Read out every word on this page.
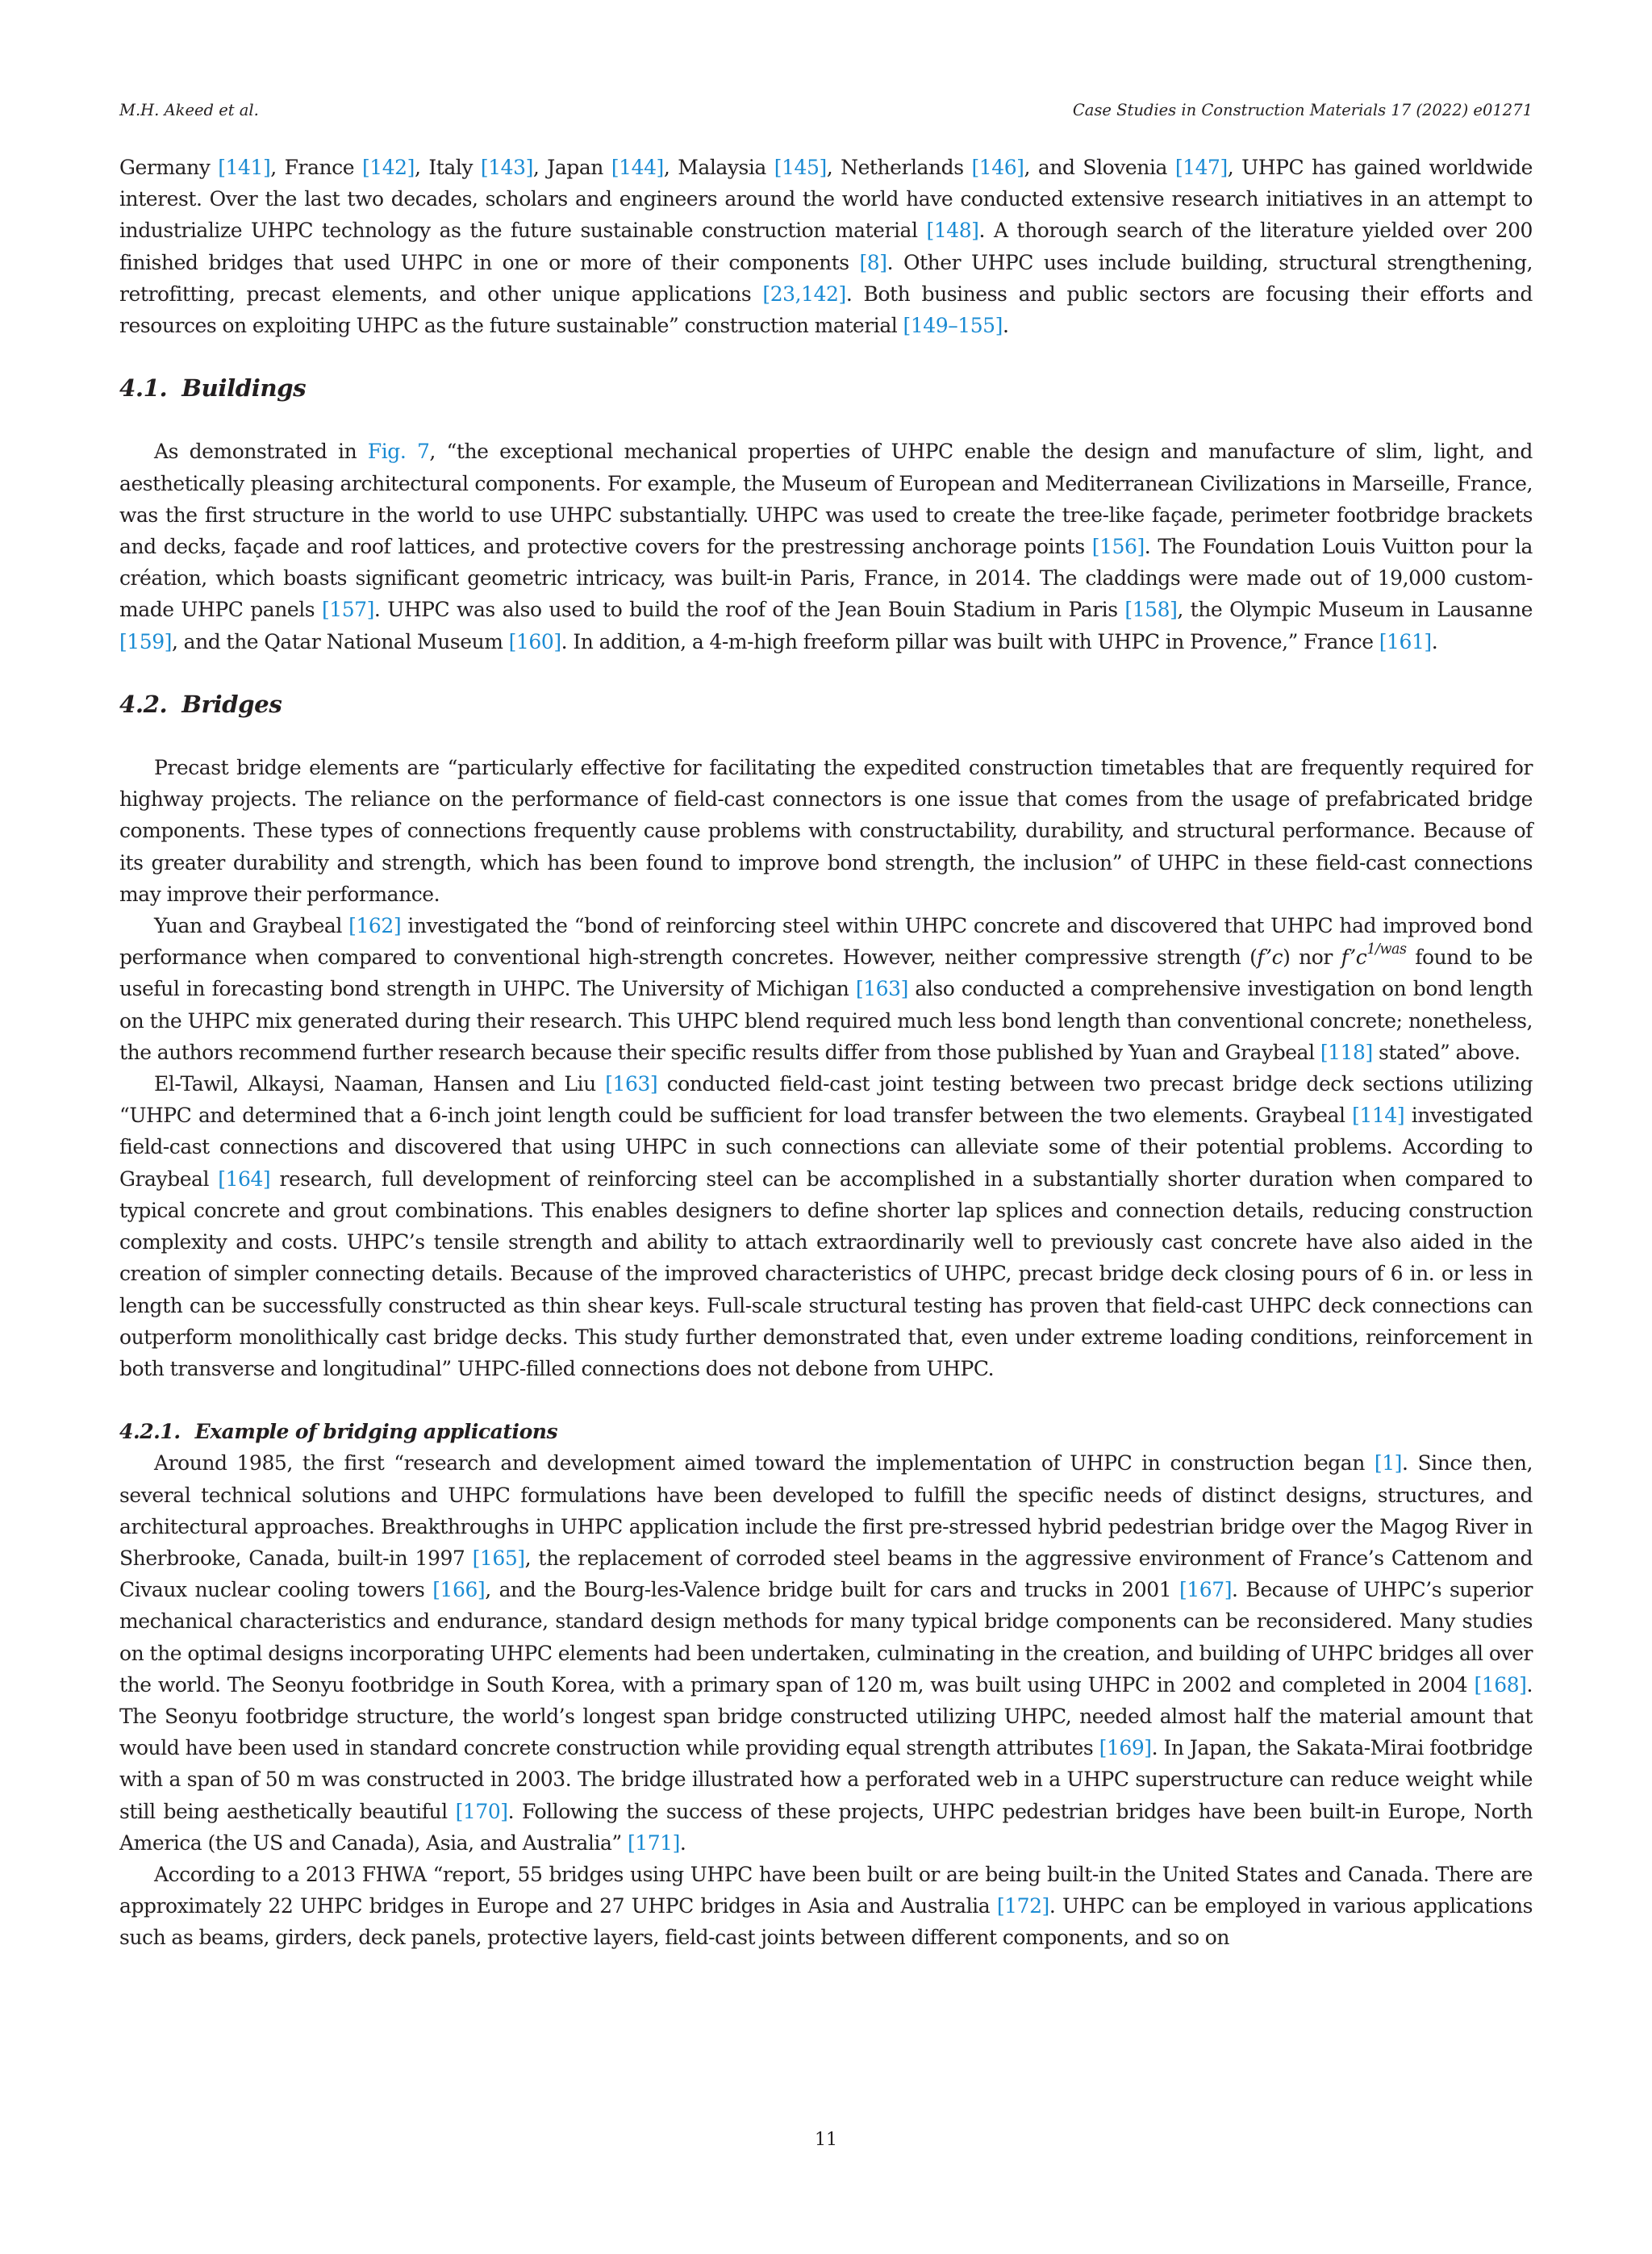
M.H. Akeed et al.	Case Studies in Construction Materials 17 (2022) e01271

Germany [141], France [142], Italy [143], Japan [144], Malaysia [145], Netherlands [146], and Slovenia [147], UHPC has gained worldwide interest. Over the last two decades, scholars and engineers around the world have conducted extensive research initiatives in an attempt to industrialize UHPC technology as the future sustainable construction material [148]. A thorough search of the literature yielded over 200 finished bridges that used UHPC in one or more of their components [8]. Other UHPC uses include building, structural strengthening, retrofitting, precast elements, and other unique applications [23,142]. Both business and public sectors are focusing their efforts and resources on exploiting UHPC as the future sustainable” construction material [149–155].

4.1. Buildings

As demonstrated in Fig. 7, “the exceptional mechanical properties of UHPC enable the design and manufacture of slim, light, and aesthetically pleasing architectural components. For example, the Museum of European and Mediterranean Civilizations in Marseille, France, was the first structure in the world to use UHPC substantially. UHPC was used to create the tree-like façade, perimeter footbridge brackets and decks, façade and roof lattices, and protective covers for the prestressing anchorage points [156]. The Foundation Louis Vuitton pour la création, which boasts significant geometric intricacy, was built-in Paris, France, in 2014. The claddings were made out of 19,000 custom-made UHPC panels [157]. UHPC was also used to build the roof of the Jean Bouin Stadium in Paris [158], the Olympic Museum in Lausanne [159], and the Qatar National Museum [160]. In addition, a 4-m-high freeform pillar was built with UHPC in Provence,” France [161].

4.2. Bridges

Precast bridge elements are “particularly effective for facilitating the expedited construction timetables that are frequently required for highway projects. The reliance on the performance of field-cast connectors is one issue that comes from the usage of prefabricated bridge components. These types of connections frequently cause problems with constructability, durability, and structural performance. Because of its greater durability and strength, which has been found to improve bond strength, the inclusion” of UHPC in these field-cast connections may improve their performance.

Yuan and Graybeal [162] investigated the “bond of reinforcing steel within UHPC concrete and discovered that UHPC had improved bond performance when compared to conventional high-strength concretes. However, neither compressive strength (f’c) nor $f’c^{1/was}$ found to be useful in forecasting bond strength in UHPC. The University of Michigan [163] also conducted a comprehensive investigation on bond length on the UHPC mix generated during their research. This UHPC blend required much less bond length than conventional concrete; nonetheless, the authors recommend further research because their specific results differ from those published by Yuan and Graybeal [118] stated” above.

El-Tawil, Alkaysi, Naaman, Hansen and Liu [163] conducted field-cast joint testing between two precast bridge deck sections utilizing “UHPC and determined that a 6-inch joint length could be sufficient for load transfer between the two elements. Graybeal [114] investigated field-cast connections and discovered that using UHPC in such connections can alleviate some of their potential problems. According to Graybeal [164] research, full development of reinforcing steel can be accomplished in a substantially shorter duration when compared to typical concrete and grout combinations. This enables designers to define shorter lap splices and connection details, reducing construction complexity and costs. UHPC’s tensile strength and ability to attach extraordinarily well to previously cast concrete have also aided in the creation of simpler connecting details. Because of the improved characteristics of UHPC, precast bridge deck closing pours of 6 in. or less in length can be successfully constructed as thin shear keys. Full-scale structural testing has proven that field-cast UHPC deck connections can outperform monolithically cast bridge decks. This study further demonstrated that, even under extreme loading conditions, reinforcement in both transverse and longitudinal” UHPC-filled connections does not debone from UHPC.

4.2.1. Example of bridging applications

Around 1985, the first “research and development aimed toward the implementation of UHPC in construction began [1]. Since then, several technical solutions and UHPC formulations have been developed to fulfill the specific needs of distinct designs, structures, and architectural approaches. Breakthroughs in UHPC application include the first pre-stressed hybrid pedestrian bridge over the Magog River in Sherbrooke, Canada, built-in 1997 [165], the replacement of corroded steel beams in the aggressive environment of France’s Cattenom and Civaux nuclear cooling towers [166], and the Bourg-les-Valence bridge built for cars and trucks in 2001 [167]. Because of UHPC’s superior mechanical characteristics and endurance, standard design methods for many typical bridge components can be reconsidered. Many studies on the optimal designs incorporating UHPC elements had been undertaken, culminating in the creation, and building of UHPC bridges all over the world. The Seonyu footbridge in South Korea, with a primary span of 120 m, was built using UHPC in 2002 and completed in 2004 [168]. The Seonyu footbridge structure, the world’s longest span bridge constructed utilizing UHPC, needed almost half the material amount that would have been used in standard concrete construction while providing equal strength attributes [169]. In Japan, the Sakata-Mirai footbridge with a span of 50 m was constructed in 2003. The bridge illustrated how a perforated web in a UHPC superstructure can reduce weight while still being aesthetically beautiful [170]. Following the success of these projects, UHPC pedestrian bridges have been built-in Europe, North America (the US and Canada), Asia, and Australia” [171].

According to a 2013 FHWA “report, 55 bridges using UHPC have been built or are being built-in the United States and Canada. There are approximately 22 UHPC bridges in Europe and 27 UHPC bridges in Asia and Australia [172]. UHPC can be employed in various applications such as beams, girders, deck panels, protective layers, field-cast joints between different components, and so on

11
